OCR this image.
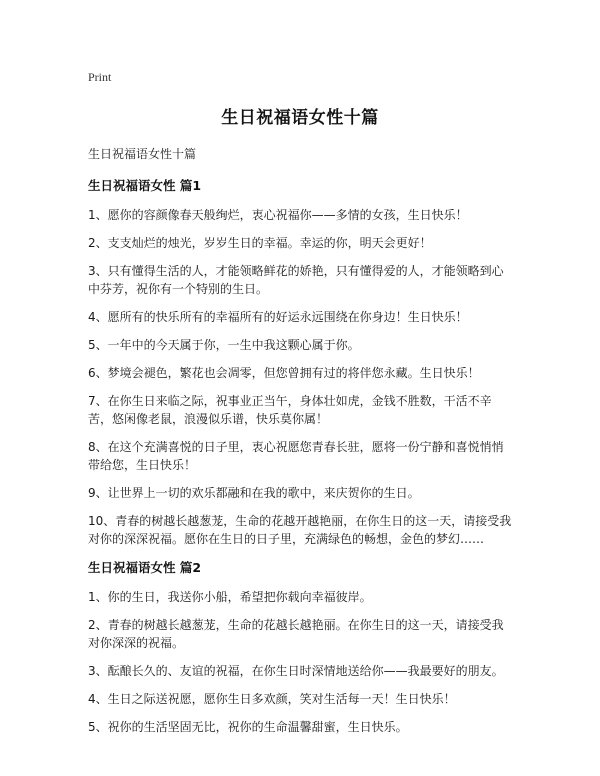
Print
生日祝福语女性十篇
生日祝福语女性十篇
生日祝福语女性 篇1

1、愿你的容颜像春天般绚烂，衷心祝福你——多情的女孩，生日快乐！

2、支支灿烂的烛光，岁岁生日的幸福。幸运的你，明天会更好！

3、只有懂得生活的人，才能领略鲜花的娇艳，只有懂得爱的人，才能领略到心中芬芳，祝你有一个特别的生日。

4、愿所有的快乐所有的幸福所有的好运永远围绕在你身边！生日快乐！

5、一年中的今天属于你，一生中我这颗心属于你。

6、梦境会褪色，繁花也会凋零，但您曾拥有过的将伴您永藏。生日快乐！

7、在你生日来临之际，祝事业正当午，身体壮如虎，金钱不胜数，干活不辛苦，悠闲像老鼠，浪漫似乐谱，快乐莫你属！

8、在这个充满喜悦的日子里，衷心祝愿您青春长驻，愿将一份宁静和喜悦悄悄带给您，生日快乐！

9、让世界上一切的欢乐都融和在我的歌中，来庆贺你的生日。

10、青春的树越长越葱茏，生命的花越开越艳丽，在你生日的这一天，请接受我对你的深深祝福。愿你在生日的日子里，充满绿色的畅想，金色的梦幻……

生日祝福语女性 篇2

1、你的生日，我送你小船，希望把你载向幸福彼岸。

2、青春的树越长越葱茏，生命的花越长越艳丽。在你生日的这一天，请接受我对你深深的祝福。

3、酝酿长久的、友谊的祝福，在你生日时深情地送给你——我最要好的朋友。

4、生日之际送祝愿，愿你生日多欢颜，笑对生活每一天！生日快乐！

5、祝你的生活坚固无比，祝你的生命温馨甜蜜，生日快乐。
